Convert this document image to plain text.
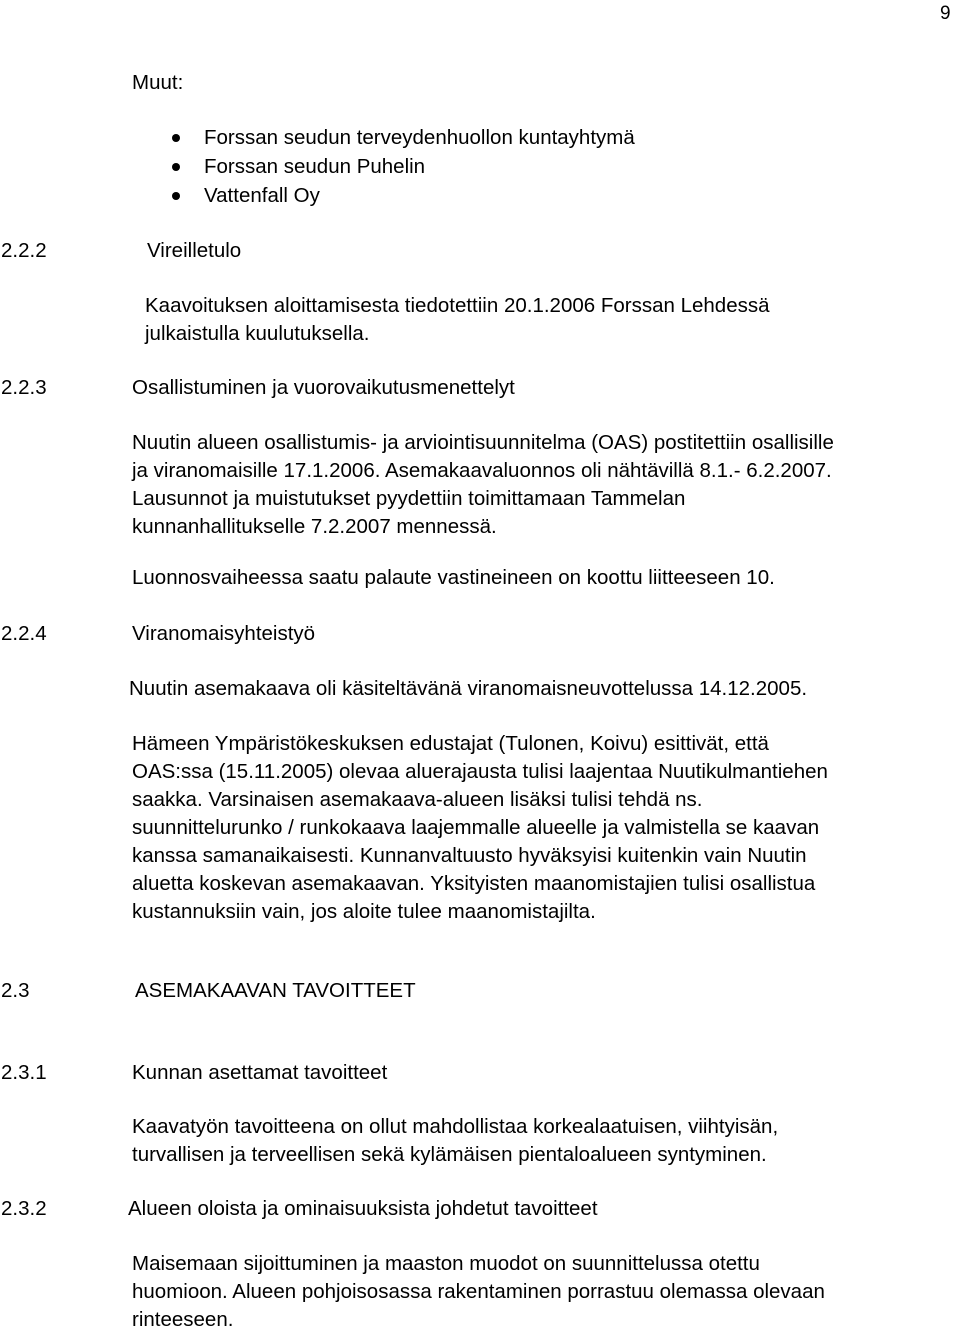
9
Muut:
Forssan seudun terveydenhuollon kuntayhtymä
Forssan seudun Puhelin
Vattenfall Oy
2.2.2	Vireilletulo
Kaavoituksen aloittamisesta tiedotettiin 20.1.2006 Forssan Lehdessä
julkaistulla kuulutuksella.
2.2.3	Osallistuminen ja vuorovaikutusmenettelyt
Nuutin alueen osallistumis- ja arviointisuunnitelma (OAS) postitettiin osallisille
ja viranomaisille 17.1.2006. Asemakaavaluonnos oli nähtävillä 8.1.- 6.2.2007.
Lausunnot ja muistutukset pyydettiin toimittamaan Tammelan
kunnanhallitukselle 7.2.2007 mennessä.
Luonnosvaiheessa saatu palaute vastineineen on koottu liitteeseen 10.
2.2.4	Viranomaisyhteistyö
Nuutin asemakaava oli käsiteltävänä viranomaisneuvottelussa 14.12.2005.
Hämeen Ympäristökeskuksen edustajat (Tulonen, Koivu) esittivät, että
OAS:ssa (15.11.2005) olevaa aluerajausta tulisi laajentaa Nuutikulmantiehen
saakka. Varsinaisen asemakaava-alueen lisäksi tulisi tehdä ns.
suunnittelurunko / runkokaava laajemmalle alueelle ja valmistella se kaavan
kanssa samanaikaisesti. Kunnanvaltuusto hyväksyisi kuitenkin vain Nuutin
aluetta koskevan asemakaavan. Yksityisten maanomistajien tulisi osallistua
kustannuksiin vain, jos aloite tulee maanomistajilta.
2.3	ASEMAKAAVAN TAVOITTEET
2.3.1	Kunnan asettamat tavoitteet
Kaavatyön tavoitteena on ollut mahdollistaa korkealaatuisen, viihtyisän,
turvallisen ja terveellisen sekä kylämäisen pientaloalueen syntyminen.
2.3.2	Alueen oloista ja ominaisuuksista johdetut tavoitteet
Maisemaan sijoittuminen ja maaston muodot on suunnittelussa otettu
huomioon. Alueen pohjoisosassa rakentaminen porrastuu olemassa olevaan
rinteeseen.
